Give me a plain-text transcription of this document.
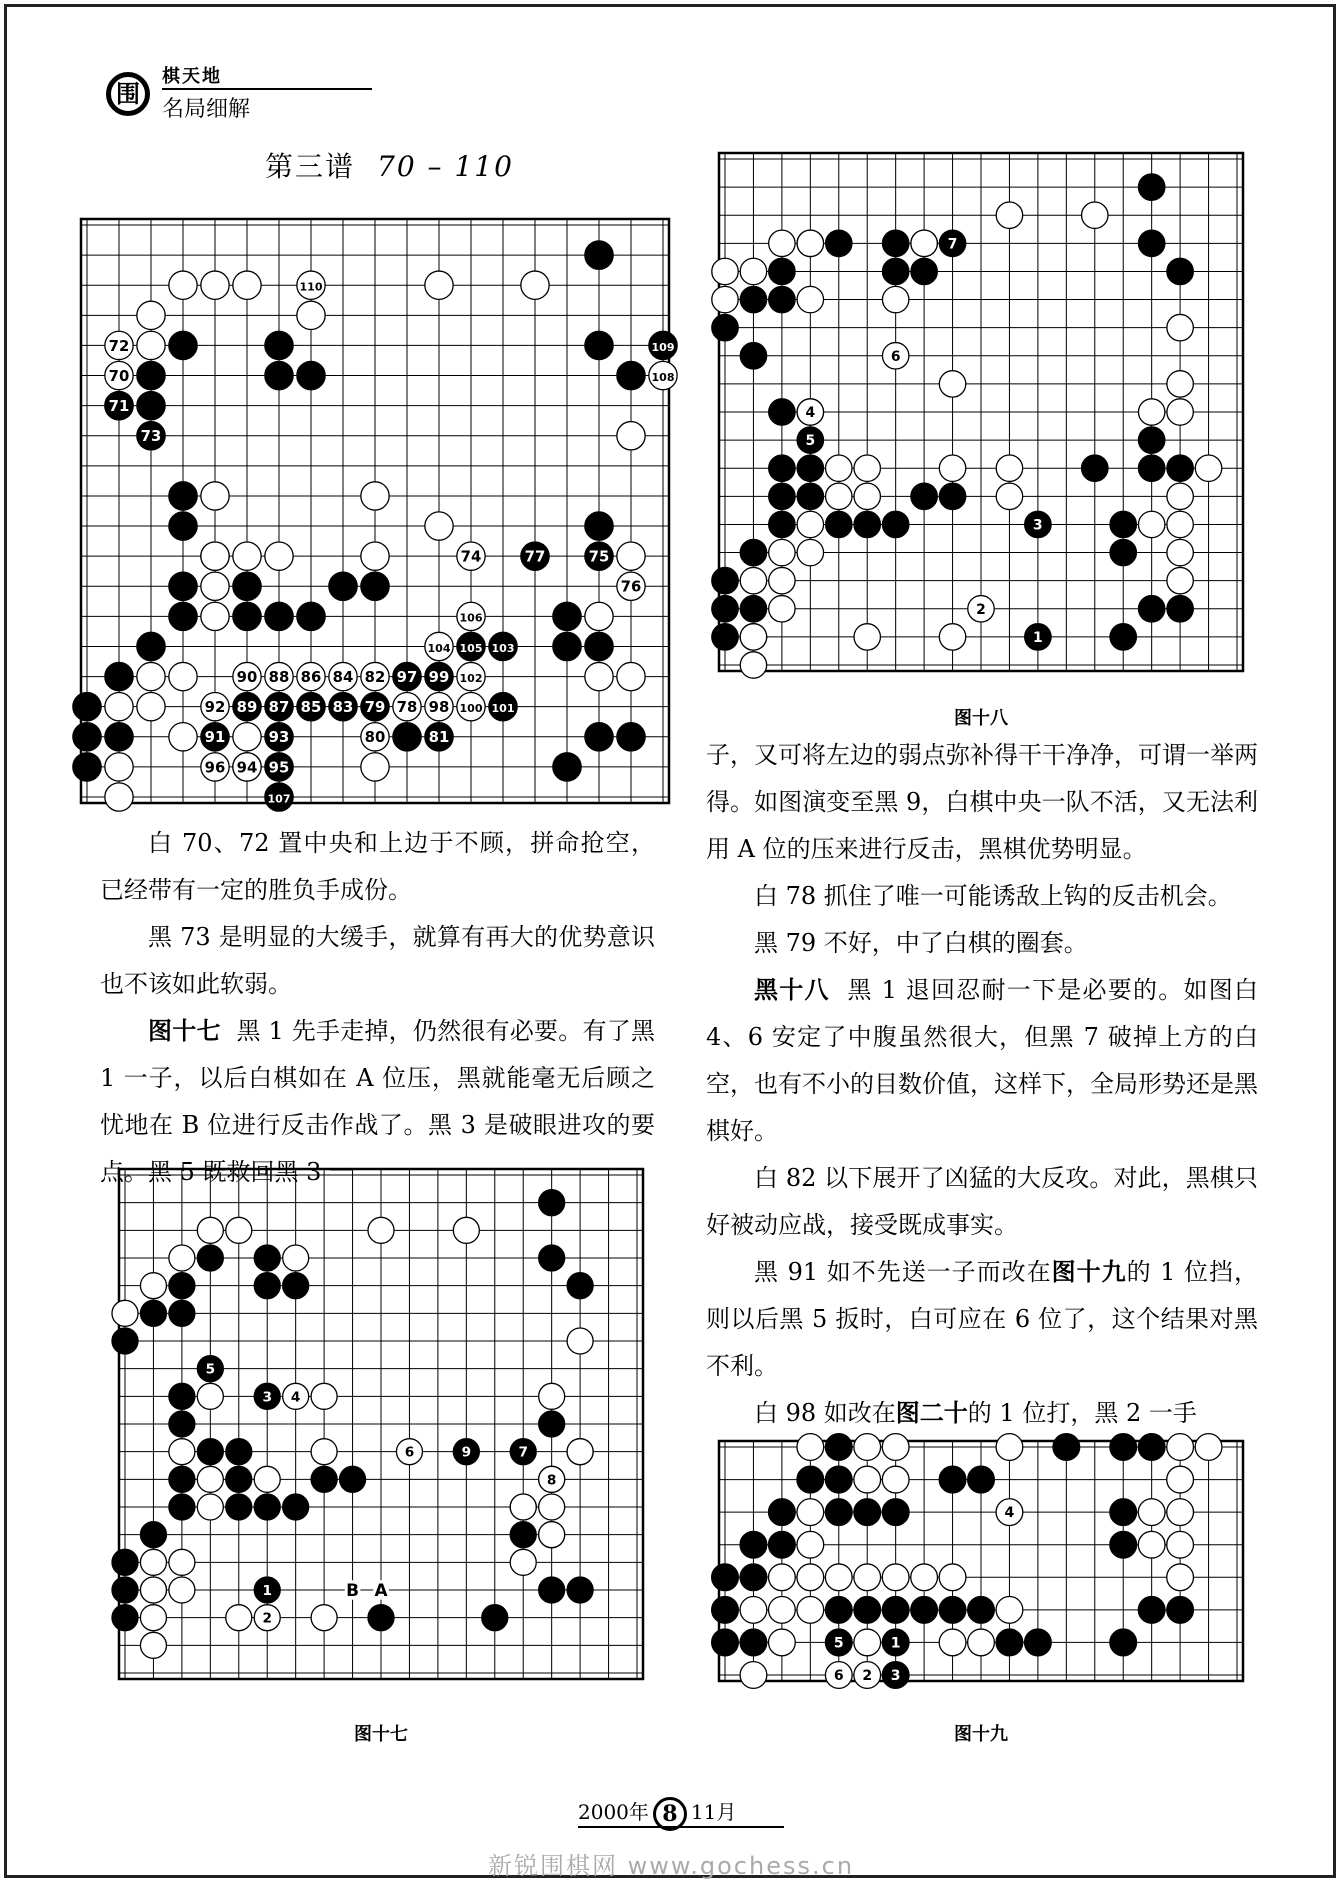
围
棋天地
名局细解
第三谱 70 – 110
110
72
70
71
73
109
108
74	77	75
76
106
104 105 103
90 88 86 84 82 97 99 102
92 89 87 85 83 79 78 98 100 101
91	93	80	81
96 94 95
107
7
6
4
5
3
2
1
图十八
5
3 4
6	9	7
8
1
2
B A
图十七
4
5	1
6 2 3
图十九

白 70、72 置中央和上边于不顾，拼命抢空，已经带有一定的胜负手成份。

黑 73 是明显的大缓手，就算有再大的优势意识也不该如此软弱。

图十七 黑 1 先手走掉，仍然很有必要。有了黑 1 一子，以后白棋如在 A 位压，黑就能毫无后顾之忧地在 B 位进行反击作战了。黑 3 是破眼进攻的要点。黑 5 既救回黑 3 一

子，又可将左边的弱点弥补得干干净净，可谓一举两得。如图演变至黑 9，白棋中央一队不活，又无法利用 A 位的压来进行反击，黑棋优势明显。

白 78 抓住了唯一可能诱敌上钩的反击机会。

黑 79 不好，中了白棋的圈套。

黑十八 黑 1 退回忍耐一下是必要的。如图白 4、6 安定了中腹虽然很大，但黑 7 破掉上方的白空，也有不小的目数价值，这样下，全局形势还是黑棋好。

白 82 以下展开了凶猛的大反攻。对此，黑棋只好被动应战，接受既成事实。

黑 91 如不先送一子而改在图十九的 1 位挡，则以后黑 5 扳时，白可应在 6 位了，这个结果对黑不利。

白 98 如改在图二十的 1 位打，黑 2 一手

2000年 8 11月
新锐围棋网 www.gochess.cn
